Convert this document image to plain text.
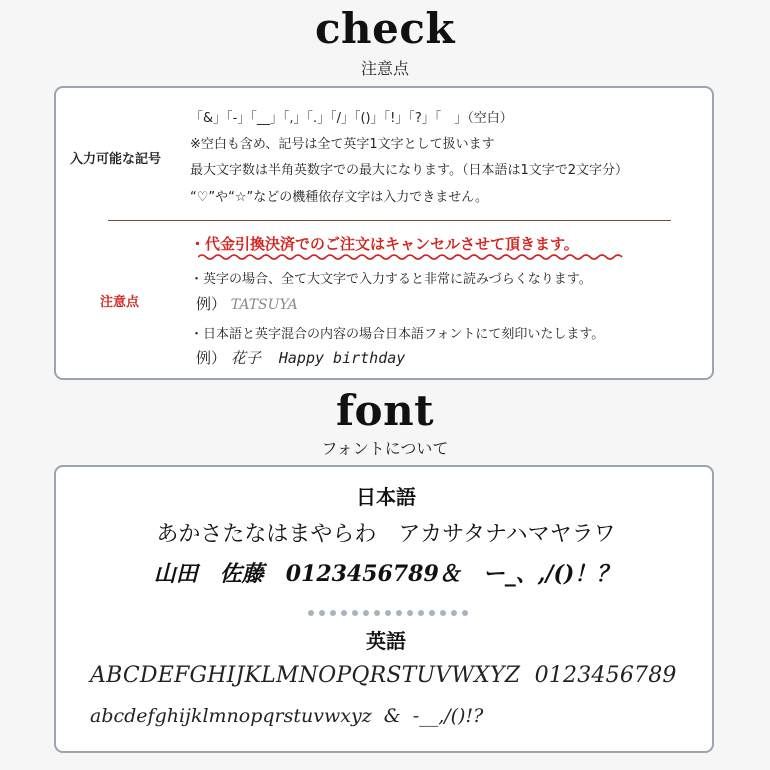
check
注意点
入力可能な記号
「&」「-」「__」「,」「.」「/」「()」「!」「?」「　」（空白）
※空白も含め、記号は全て英字1文字として扱います
最大文字数は半角英数字での最大になります。（日本語は1文字で2文字分）
“♡”や“☆”などの機種依存文字は入力できません。
注意点
・代金引換決済でのご注文はキャンセルさせて頂きます。
・英字の場合、全て大文字で入力すると非常に読みづらくなります。
例） TATSUYA
・日本語と英字混合の内容の場合日本語フォントにて刻印いたします。
例） 花子  Happy birthday
font
フォントについて
日本語
あかさたなはまやらわ　アカサタナハマヤラワ
山田　佐藤　0123456789＆　ー_、,/()！？
英語
ABCDEFGHIJKLMNOPQRSTUVWXYZ  0123456789
abcdefghijklmnopqrstuvwxyz  &  -__,/()!?
